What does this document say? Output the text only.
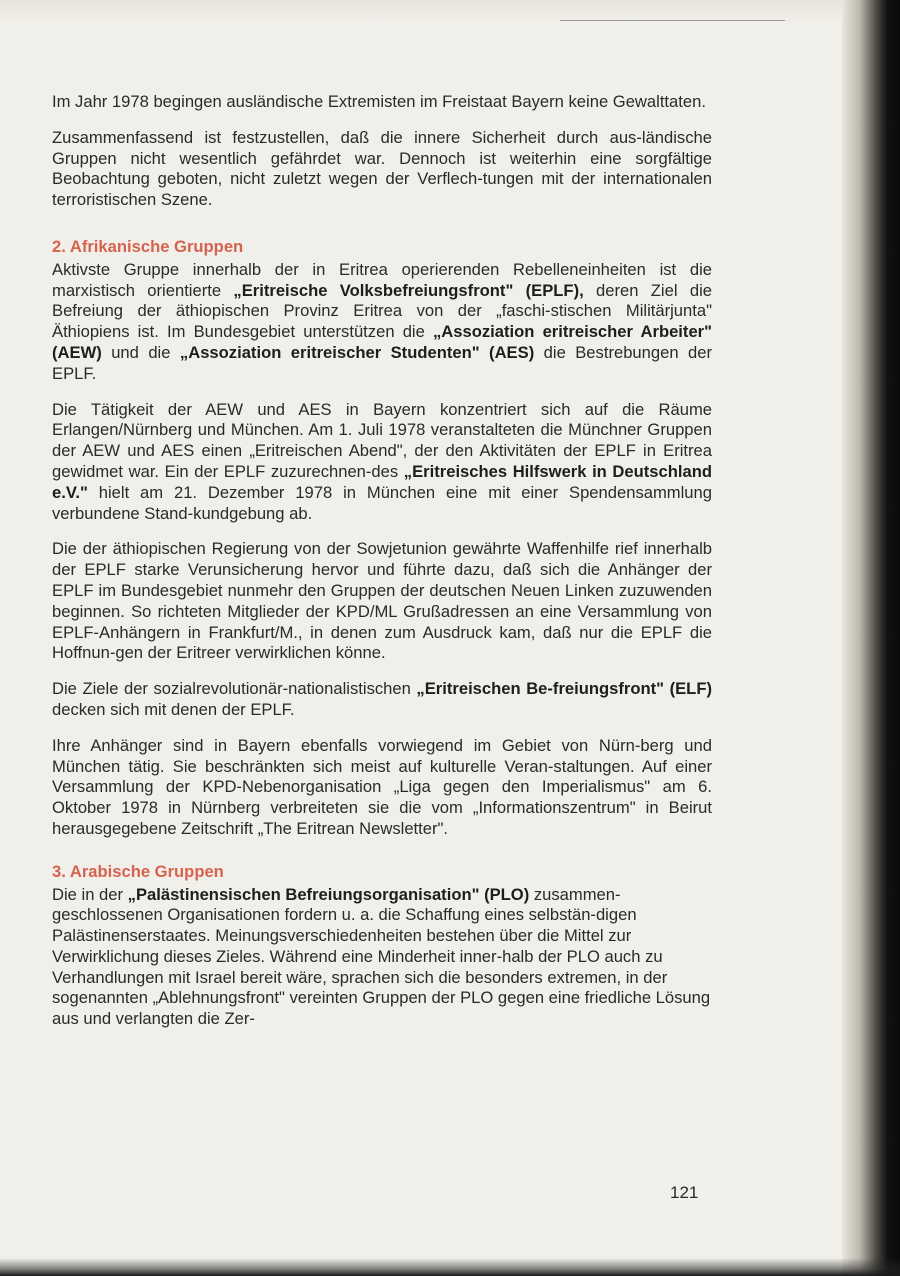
Im Jahr 1978 begingen ausländische Extremisten im Freistaat Bayern keine Gewalttaten.

Zusammenfassend ist festzustellen, daß die innere Sicherheit durch aus-ländische Gruppen nicht wesentlich gefährdet war. Dennoch ist weiterhin eine sorgfältige Beobachtung geboten, nicht zuletzt wegen der Verflech-tungen mit der internationalen terroristischen Szene.

2. Afrikanische Gruppen

Aktivste Gruppe innerhalb der in Eritrea operierenden Rebelleneinheiten ist die marxistisch orientierte „Eritreische Volksbefreiungsfront" (EPLF), deren Ziel die Befreiung der äthiopischen Provinz Eritrea von der „faschi-stischen Militärjunta" Äthiopiens ist. Im Bundesgebiet unterstützen die „Assoziation eritreischer Arbeiter" (AEW) und die „Assoziation eritreischer Studenten" (AES) die Bestrebungen der EPLF.

Die Tätigkeit der AEW und AES in Bayern konzentriert sich auf die Räume Erlangen/Nürnberg und München. Am 1. Juli 1978 veranstalteten die Münchner Gruppen der AEW und AES einen „Eritreischen Abend", der den Aktivitäten der EPLF in Eritrea gewidmet war. Ein der EPLF zuzurechnen-des „Eritreisches Hilfswerk in Deutschland e.V." hielt am 21. Dezember 1978 in München eine mit einer Spendensammlung verbundene Stand-kundgebung ab.

Die der äthiopischen Regierung von der Sowjetunion gewährte Waffenhilfe rief innerhalb der EPLF starke Verunsicherung hervor und führte dazu, daß sich die Anhänger der EPLF im Bundesgebiet nunmehr den Gruppen der deutschen Neuen Linken zuzuwenden beginnen. So richteten Mitglieder der KPD/ML Grußadressen an eine Versammlung von EPLF-Anhängern in Frankfurt/M., in denen zum Ausdruck kam, daß nur die EPLF die Hoffnun-gen der Eritreer verwirklichen könne.

Die Ziele der sozialrevolutionär-nationalistischen „Eritreischen Be-freiungsfront" (ELF) decken sich mit denen der EPLF.

Ihre Anhänger sind in Bayern ebenfalls vorwiegend im Gebiet von Nürn-berg und München tätig. Sie beschränkten sich meist auf kulturelle Veran-staltungen. Auf einer Versammlung der KPD-Nebenorganisation „Liga gegen den Imperialismus" am 6. Oktober 1978 in Nürnberg verbreiteten sie die vom „Informationszentrum" in Beirut herausgegebene Zeitschrift „The Eritrean Newsletter".

3. Arabische Gruppen

Die in der „Palästinensischen Befreiungsorganisation" (PLO) zusammen-geschlossenen Organisationen fordern u. a. die Schaffung eines selbstän-digen Palästinenserstaates. Meinungsverschiedenheiten bestehen über die Mittel zur Verwirklichung dieses Zieles. Während eine Minderheit inner-halb der PLO auch zu Verhandlungen mit Israel bereit wäre, sprachen sich die besonders extremen, in der sogenannten „Ablehnungsfront" vereinten Gruppen der PLO gegen eine friedliche Lösung aus und verlangten die Zer-

121
